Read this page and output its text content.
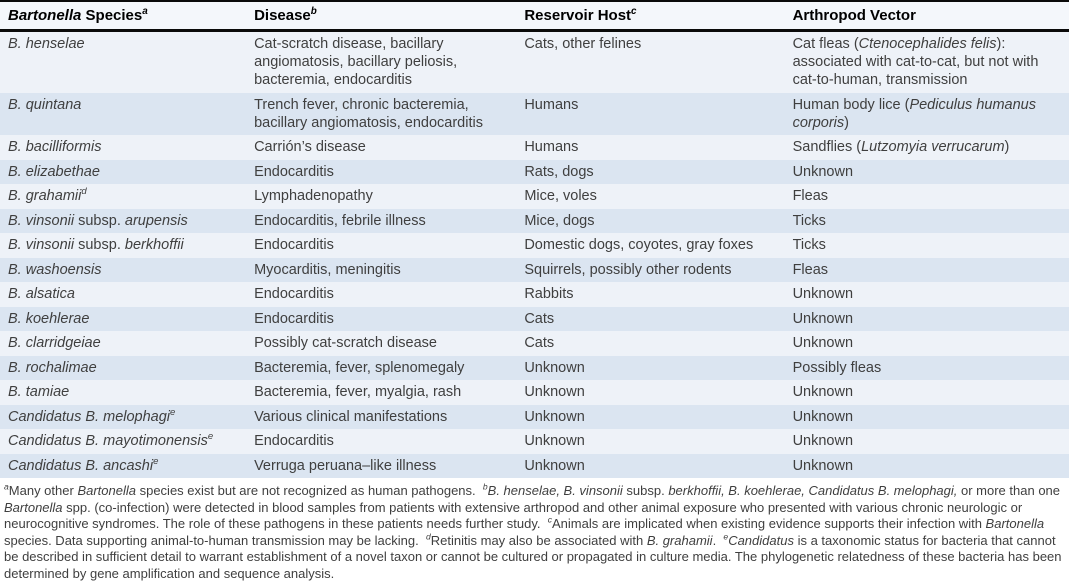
Bartonella Species$^a$	Disease$^b$	Reservoir Host$^c$	Arthropod Vector
B. henselae	Cat-scratch disease, bacillary angiomatosis, bacillary peliosis, bacteremia, endocarditis	Cats, other felines	Cat fleas (Ctenocephalides felis): associated with cat-to-cat, but not with cat-to-human, transmission
B. quintana	Trench fever, chronic bacteremia, bacillary angiomatosis, endocarditis	Humans	Human body lice (Pediculus humanus corporis)
B. bacilliformis	Carrión’s disease	Humans	Sandflies (Lutzomyia verrucarum)
B. elizabethae	Endocarditis	Rats, dogs	Unknown
B. grahamii$^d$	Lymphadenopathy	Mice, voles	Fleas
B. vinsonii subsp. arupensis	Endocarditis, febrile illness	Mice, dogs	Ticks
B. vinsonii subsp. berkhoffii	Endocarditis	Domestic dogs, coyotes, gray foxes	Ticks
B. washoensis	Myocarditis, meningitis	Squirrels, possibly other rodents	Fleas
B. alsatica	Endocarditis	Rabbits	Unknown
B. koehlerae	Endocarditis	Cats	Unknown
B. clarridgeiae	Possibly cat-scratch disease	Cats	Unknown
B. rochalimae	Bacteremia, fever, splenomegaly	Unknown	Possibly fleas
B. tamiae	Bacteremia, fever, myalgia, rash	Unknown	Unknown
Candidatus B. melophagi$^e$	Various clinical manifestations	Unknown	Unknown
Candidatus B. mayotimonensis$^e$	Endocarditis	Unknown	Unknown
Candidatus B. ancashi$^e$	Verruga peruana–like illness	Unknown	Unknown

$^a$Many other Bartonella species exist but are not recognized as human pathogens.  $^b$B. henselae, B. vinsonii subsp. berkhoffii, B. koehlerae, Candidatus B. melophagi, or more than one Bartonella spp. (co-infection) were detected in blood samples from patients with extensive arthropod and other animal exposure who presented with various chronic neurologic or neurocognitive syndromes. The role of these pathogens in these patients needs further study.  $^c$Animals are implicated when existing evidence supports their infection with Bartonella species. Data supporting animal-to-human transmission may be lacking.  $^d$Retinitis may also be associated with B. grahamii.  $^e$Candidatus is a taxonomic status for bacteria that cannot be described in sufficient detail to warrant establishment of a novel taxon or cannot be cultured or propagated in culture media. The phylogenetic relatedness of these bacteria has been determined by gene amplification and sequence analysis.
